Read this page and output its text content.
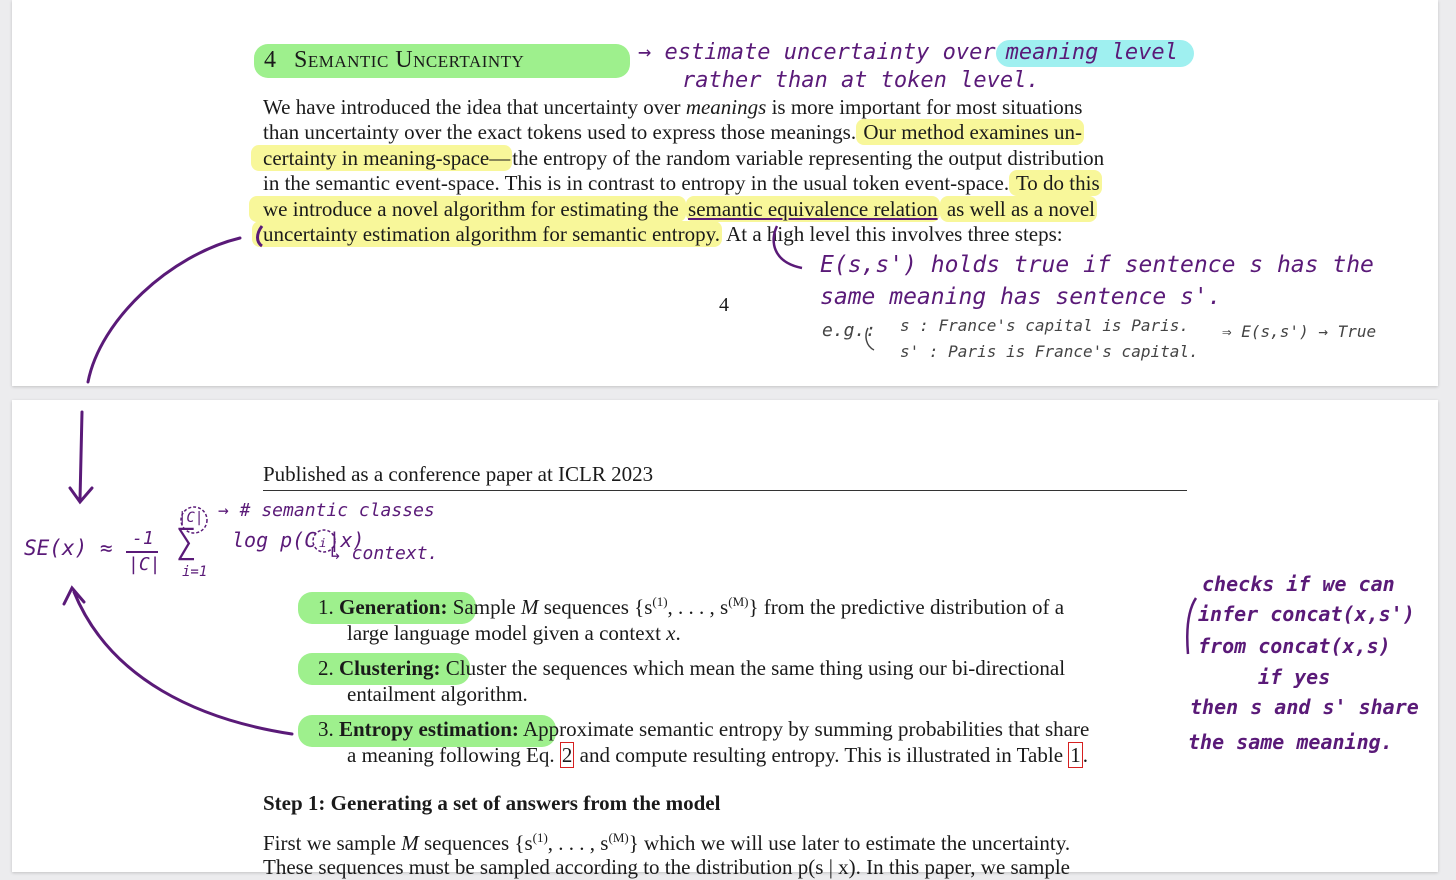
4 Semantic Uncertainty
We have introduced the idea that uncertainty over meanings is more important for most situations
than uncertainty over the exact tokens used to express those meanings. Our method examines un-
certainty in meaning-space—the entropy of the random variable representing the output distribution
in the semantic event-space. This is in contrast to entropy in the usual token event-space. To do this
we introduce a novel algorithm for estimating the semantic equivalence relation as well as a novel
uncertainty estimation algorithm for semantic entropy. At a high level this involves three steps:
4
→ estimate uncertainty over meaning level
rather than at token level.
E(s,s') holds true if sentence s has the
same meaning has sentence s'.
e.g.: s : France's capital is Paris.
s' : Paris is France's capital.
⇒ E(s,s') → True
Published as a conference paper at ICLR 2023
1. Generation: Sample M sequences {$s^{(1)}$, . . . , $s^{(M)}$} from the predictive distribution of a
large language model given a context x.
2. Clustering: Cluster the sequences which mean the same thing using our bi-directional
entailment algorithm.
3. Entropy estimation: Approximate semantic entropy by summing probabilities that share
a meaning following Eq. 2 and compute resulting entropy. This is illustrated in Table 1.
Step 1: Generating a set of answers from the model
First we sample M sequences {$s^{(1)}$, . . . , $s^{(M)}$} which we will use later to estimate the uncertainty.
These sequences must be sampled according to the distribution p(s | x). In this paper, we sample
SE(x) ≈ -1
|C|
|C|
∑
i=1
log p(Cᵢ|x)
→ # semantic classes
↳ context.
checks if we can
infer concat(x,s')
from concat(x,s)
if yes
then s and s' share
the same meaning.
